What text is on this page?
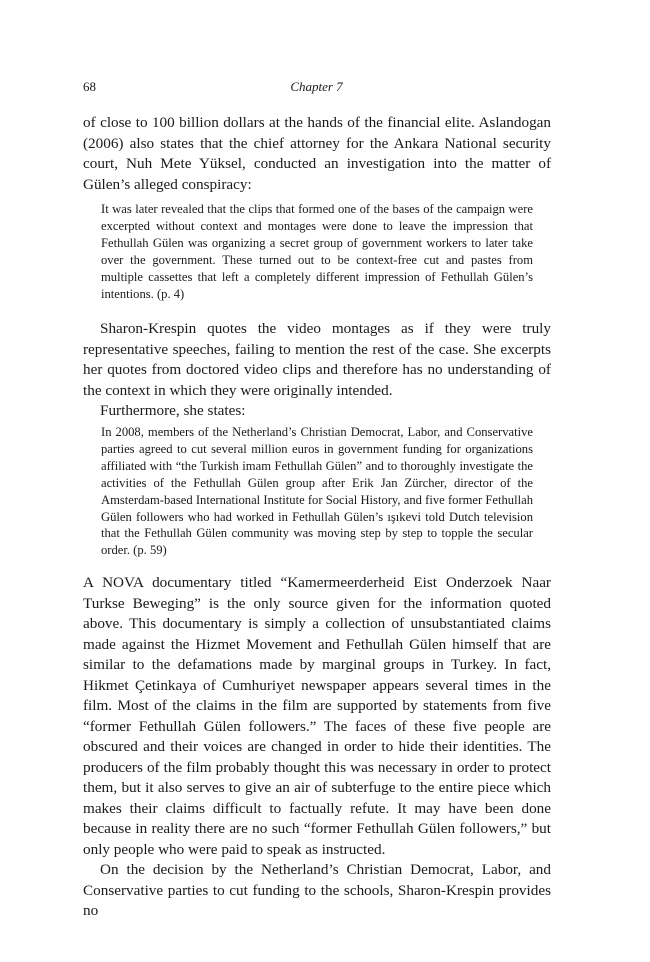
68	Chapter 7

of close to 100 billion dollars at the hands of the financial elite. Aslandogan (2006) also states that the chief attorney for the Ankara National security court, Nuh Mete Yüksel, conducted an investigation into the matter of Gülen’s alleged conspiracy:

It was later revealed that the clips that formed one of the bases of the campaign were excerpted without context and montages were done to leave the impression that Fethullah Gülen was organizing a secret group of government workers to later take over the government. These turned out to be context-free cut and pastes from multiple cassettes that left a completely different impression of Fethullah Gülen’s intentions. (p. 4)

Sharon-Krespin quotes the video montages as if they were truly representative speeches, failing to mention the rest of the case. She excerpts her quotes from doctored video clips and therefore has no understanding of the context in which they were originally intended.

Furthermore, she states:

In 2008, members of the Netherland’s Christian Democrat, Labor, and Conservative parties agreed to cut several million euros in government funding for organizations affiliated with “the Turkish imam Fethullah Gülen” and to thoroughly investigate the activities of the Fethullah Gülen group after Erik Jan Zürcher, director of the Amsterdam-based International Institute for Social History, and five former Fethullah Gülen followers who had worked in Fethullah Gülen’s ışıkevi told Dutch television that the Fethullah Gülen community was moving step by step to topple the secular order. (p. 59)

A NOVA documentary titled “Kamermeerderheid Eist Onderzoek Naar Turkse Beweging” is the only source given for the information quoted above. This documentary is simply a collection of unsubstantiated claims made against the Hizmet Movement and Fethullah Gülen himself that are similar to the defamations made by marginal groups in Turkey. In fact, Hikmet Çetinkaya of Cumhuriyet newspaper appears several times in the film. Most of the claims in the film are supported by statements from five “former Fethullah Gülen followers.” The faces of these five people are obscured and their voices are changed in order to hide their identities. The producers of the film probably thought this was necessary in order to protect them, but it also serves to give an air of subterfuge to the entire piece which makes their claims difficult to factually refute. It may have been done because in reality there are no such “former Fethullah Gülen followers,” but only people who were paid to speak as instructed.

On the decision by the Netherland’s Christian Democrat, Labor, and Conservative parties to cut funding to the schools, Sharon-Krespin provides no
